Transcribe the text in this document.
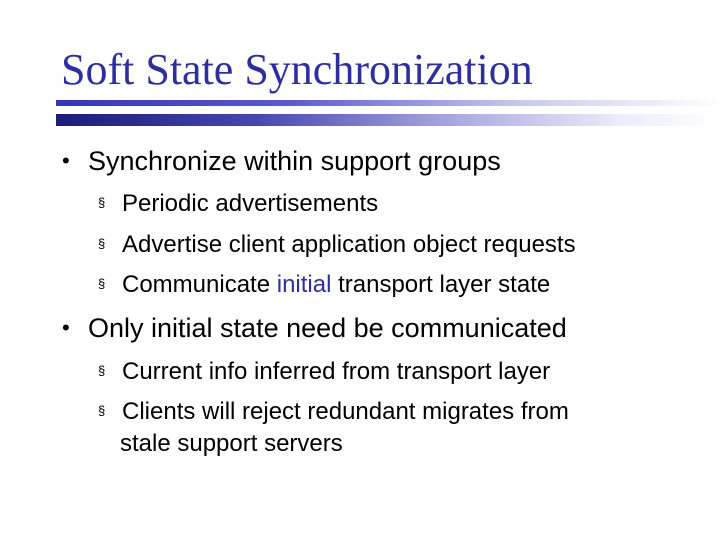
Soft State Synchronization
• Synchronize within support groups
§ Periodic advertisements
§ Advertise client application object requests
§ Communicate initial transport layer state
• Only initial state need be communicated
§ Current info inferred from transport layer
§ Clients will reject redundant migrates from
stale support servers
